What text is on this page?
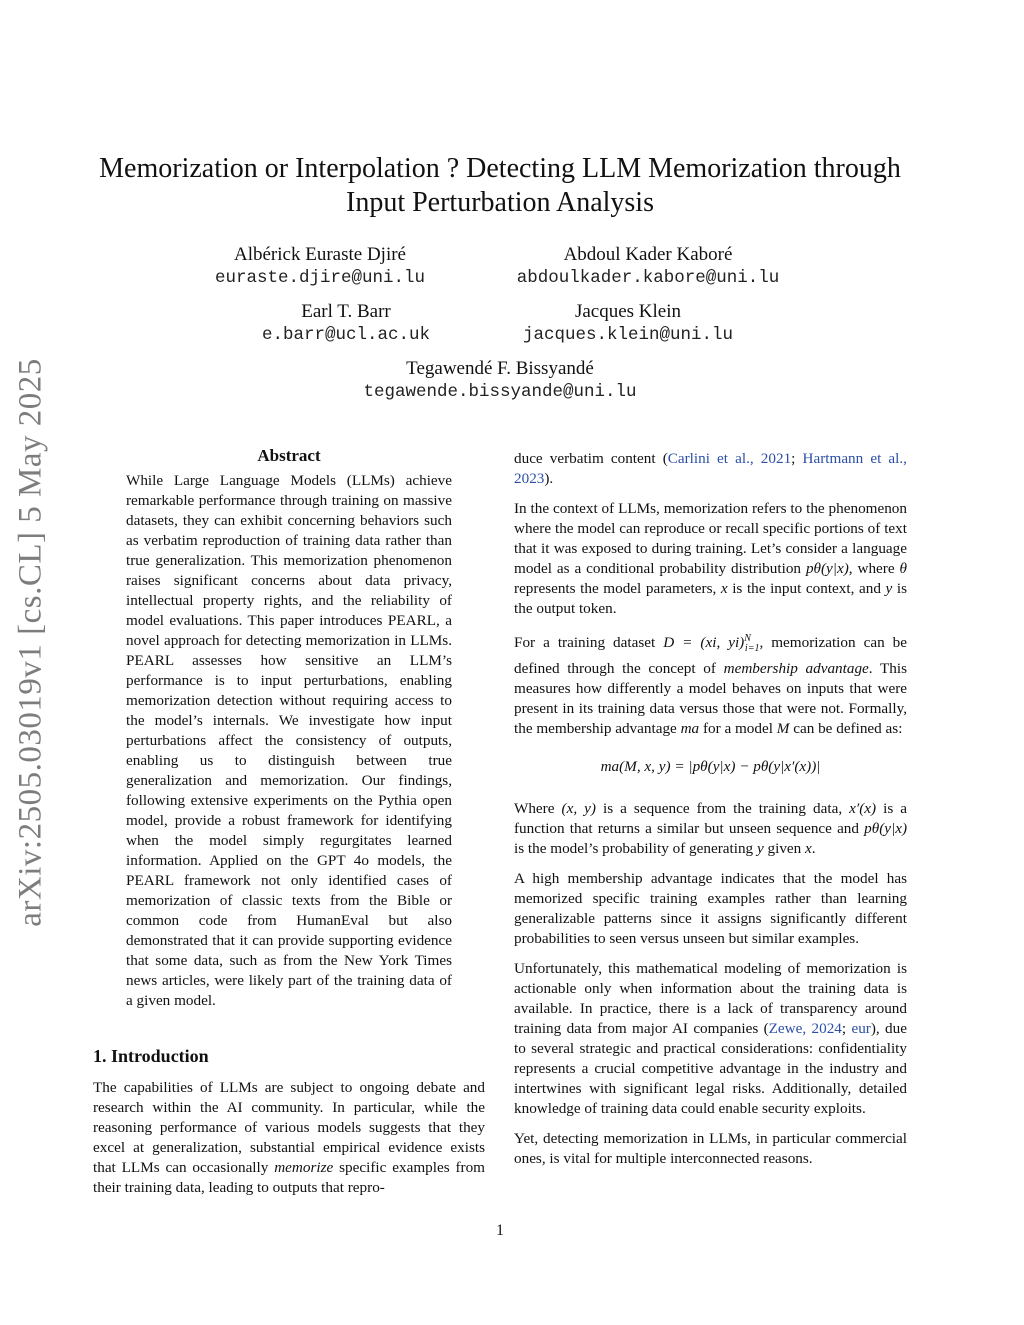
arXiv:2505.03019v1 [cs.CL] 5 May 2025
Memorization or Interpolation ? Detecting LLM Memorization through
Input Perturbation Analysis
Albérick Euraste Djiré
euraste.djire@uni.lu
Abdoul Kader Kaboré
abdoulkader.kabore@uni.lu
Earl T. Barr
e.barr@ucl.ac.uk
Jacques Klein
jacques.klein@uni.lu
Tegawendé F. Bissyandé
tegawende.bissyande@uni.lu
Abstract
While Large Language Models (LLMs) achieve remarkable performance through training on massive datasets, they can exhibit concerning behaviors such as verbatim reproduction of training data rather than true generalization. This memorization phenomenon raises significant concerns about data privacy, intellectual property rights, and the reliability of model evaluations. This paper introduces PEARL, a novel approach for detecting memorization in LLMs. PEARL assesses how sensitive an LLM’s performance is to input perturbations, enabling memorization detection without requiring access to the model’s internals. We investigate how input perturbations affect the consistency of outputs, enabling us to distinguish between true generalization and memorization. Our findings, following extensive experiments on the Pythia open model, provide a robust framework for identifying when the model simply regurgitates learned information. Applied on the GPT 4o models, the PEARL framework not only identified cases of memorization of classic texts from the Bible or common code from HumanEval but also demonstrated that it can provide supporting evidence that some data, such as from the New York Times news articles, were likely part of the training data of a given model.
1. Introduction

The capabilities of LLMs are subject to ongoing debate and research within the AI community. In particular, while the reasoning performance of various models suggests that they excel at generalization, substantial empirical evidence exists that LLMs can occasionally memorize specific examples from their training data, leading to outputs that repro-

duce verbatim content (Carlini et al., 2021; Hartmann et al., 2023).

In the context of LLMs, memorization refers to the phenomenon where the model can reproduce or recall specific portions of text that it was exposed to during training. Let’s consider a language model as a conditional probability distribution pθ(y|x), where θ represents the model parameters, x is the input context, and y is the output token.

For a training dataset D = (xi, yi)$^N_{i=1}$, memorization can be defined through the concept of membership advantage. This measures how differently a model behaves on inputs that were present in its training data versus those that were not. Formally, the membership advantage ma for a model M can be defined as:

ma(M, x, y) = |pθ(y|x) − pθ(y|x′(x))|

Where (x, y) is a sequence from the training data, x′(x) is a function that returns a similar but unseen sequence and pθ(y|x) is the model’s probability of generating y given x.

A high membership advantage indicates that the model has memorized specific training examples rather than learning generalizable patterns since it assigns significantly different probabilities to seen versus unseen but similar examples.

Unfortunately, this mathematical modeling of memorization is actionable only when information about the training data is available. In practice, there is a lack of transparency around training data from major AI companies (Zewe, 2024; eur), due to several strategic and practical considerations: confidentiality represents a crucial competitive advantage in the industry and intertwines with significant legal risks. Additionally, detailed knowledge of training data could enable security exploits.

Yet, detecting memorization in LLMs, in particular commercial ones, is vital for multiple interconnected reasons.

1
